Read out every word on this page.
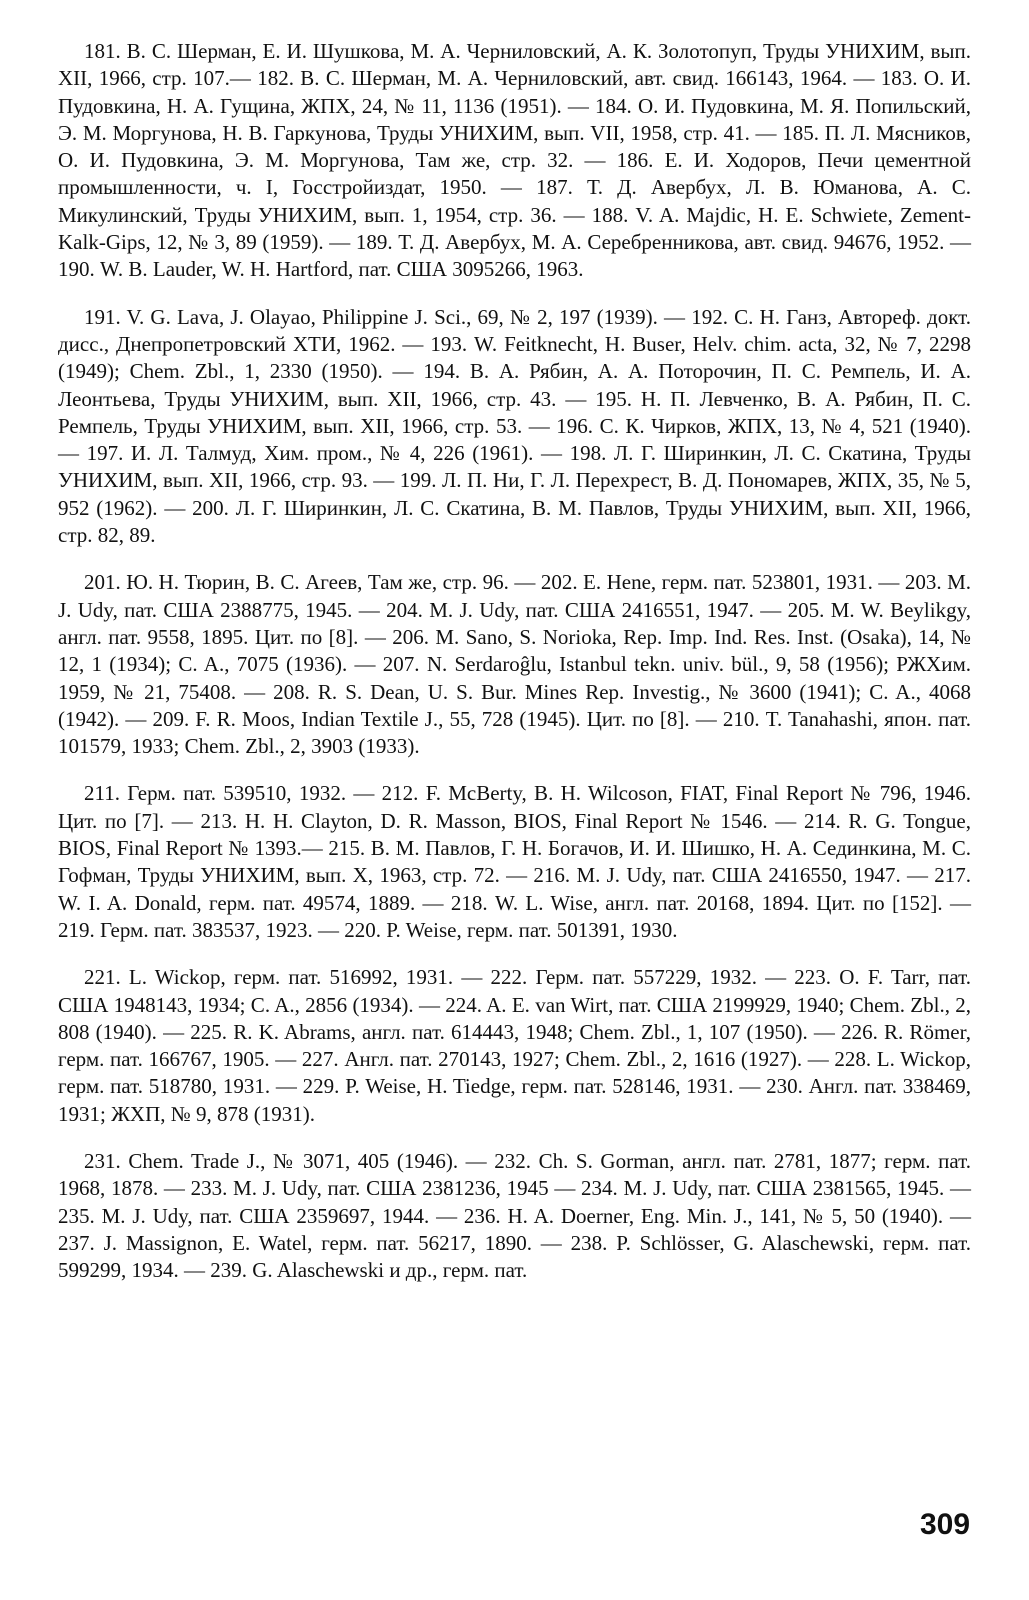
181. В. С. Шерман, Е. И. Шушкова, М. А. Черниловский, А. К. Золотопуп, Труды УНИХИМ, вып. XII, 1966, стр. 107.— 182. В. С. Шерман, М. А. Черниловский, авт. свид. 166143, 1964. — 183. О. И. Пудовкина, Н. А. Гущина, ЖПХ, 24, № 11, 1136 (1951). — 184. О. И. Пудовкина, М. Я. Попильский, Э. М. Моргунова, Н. В. Гаркунова, Труды УНИХИМ, вып. VII, 1958, стр. 41. — 185. П. Л. Мясников, О. И. Пудовкина, Э. М. Моргунова, Там же, стр. 32. — 186. Е. И. Ходоров, Печи цементной промышленности, ч. I, Госстройиздат, 1950. — 187. Т. Д. Авербух, Л. В. Юманова, А. С. Микулинский, Труды УНИХИМ, вып. 1, 1954, стр. 36. — 188. V. A. Majdic, H. E. Schwiete, Zement-Kalk-Gips, 12, № 3, 89 (1959). — 189. Т. Д. Авербух, М. А. Серебренникова, авт. свид. 94676, 1952. — 190. W. B. Lauder, W. H. Hartford, пат. США 3095266, 1963.

191. V. G. Lava, J. Olayao, Philippine J. Sci., 69, № 2, 197 (1939). — 192. С. Н. Ганз, Автореф. докт. дисс., Днепропетровский ХТИ, 1962. — 193. W. Feitknecht, H. Buser, Helv. chim. acta, 32, № 7, 2298 (1949); Chem. Zbl., 1, 2330 (1950). — 194. В. А. Рябин, А. А. Поторочин, П. С. Ремпель, И. А. Леонтьева, Труды УНИХИМ, вып. XII, 1966, стр. 43. — 195. Н. П. Левченко, В. А. Рябин, П. С. Ремпель, Труды УНИХИМ, вып. XII, 1966, стр. 53. — 196. С. К. Чирков, ЖПХ, 13, № 4, 521 (1940). — 197. И. Л. Талмуд, Хим. пром., № 4, 226 (1961). — 198. Л. Г. Ширинкин, Л. С. Скатина, Труды УНИХИМ, вып. XII, 1966, стр. 93. — 199. Л. П. Ни, Г. Л. Перехрест, В. Д. Пономарев, ЖПХ, 35, № 5, 952 (1962). — 200. Л. Г. Ширинкин, Л. С. Скатина, В. М. Павлов, Труды УНИХИМ, вып. XII, 1966, стр. 82, 89.

201. Ю. Н. Тюрин, В. С. Агеев, Там же, стр. 96. — 202. E. Hene, герм. пат. 523801, 1931. — 203. M. J. Udy, пат. США 2388775, 1945. — 204. M. J. Udy, пат. США 2416551, 1947. — 205. M. W. Beylikgy, англ. пат. 9558, 1895. Цит. по [8]. — 206. M. Sano, S. Norioka, Rep. Imp. Ind. Res. Inst. (Osaka), 14, № 12, 1 (1934); C. A., 7075 (1936). — 207. N. Serdaroĝlu, Istanbul tekn. univ. bül., 9, 58 (1956); РЖХим. 1959, № 21, 75408. — 208. R. S. Dean, U. S. Bur. Mines Rep. Investig., № 3600 (1941); C. A., 4068 (1942). — 209. F. R. Moos, Indian Textile J., 55, 728 (1945). Цит. по [8]. — 210. T. Tanahashi, япон. пат. 101579, 1933; Chem. Zbl., 2, 3903 (1933).

211. Герм. пат. 539510, 1932. — 212. F. McBerty, B. H. Wilcoson, FIAT, Final Report № 796, 1946. Цит. по [7]. — 213. H. H. Clayton, D. R. Masson, BIOS, Final Report № 1546. — 214. R. G. Tongue, BIOS, Final Report № 1393.— 215. В. М. Павлов, Г. Н. Богачов, И. И. Шишко, Н. А. Сединкина, М. С. Гофман, Труды УНИХИМ, вып. X, 1963, стр. 72. — 216. M. J. Udy, пат. США 2416550, 1947. — 217. W. I. A. Donald, герм. пат. 49574, 1889. — 218. W. L. Wise, англ. пат. 20168, 1894. Цит. по [152]. — 219. Герм. пат. 383537, 1923. — 220. P. Weise, герм. пат. 501391, 1930.

221. L. Wickop, герм. пат. 516992, 1931. — 222. Герм. пат. 557229, 1932. — 223. O. F. Tarr, пат. США 1948143, 1934; C. A., 2856 (1934). — 224. A. E. van Wirt, пат. США 2199929, 1940; Chem. Zbl., 2, 808 (1940). — 225. R. K. Abrams, англ. пат. 614443, 1948; Chem. Zbl., 1, 107 (1950). — 226. R. Römer, герм. пат. 166767, 1905. — 227. Англ. пат. 270143, 1927; Chem. Zbl., 2, 1616 (1927). — 228. L. Wickop, герм. пат. 518780, 1931. — 229. P. Weise, H. Tiedge, герм. пат. 528146, 1931. — 230. Англ. пат. 338469, 1931; ЖХП, № 9, 878 (1931).

231. Chem. Trade J., № 3071, 405 (1946). — 232. Ch. S. Gorman, англ. пат. 2781, 1877; герм. пат. 1968, 1878. — 233. M. J. Udy, пат. США 2381236, 1945 — 234. M. J. Udy, пат. США 2381565, 1945. — 235. M. J. Udy, пат. США 2359697, 1944. — 236. H. A. Doerner, Eng. Min. J., 141, № 5, 50 (1940). — 237. J. Massignon, E. Watel, герм. пат. 56217, 1890. — 238. P. Schlösser, G. Alaschewski, герм. пат. 599299, 1934. — 239. G. Alaschewski и др., герм. пат.

309
